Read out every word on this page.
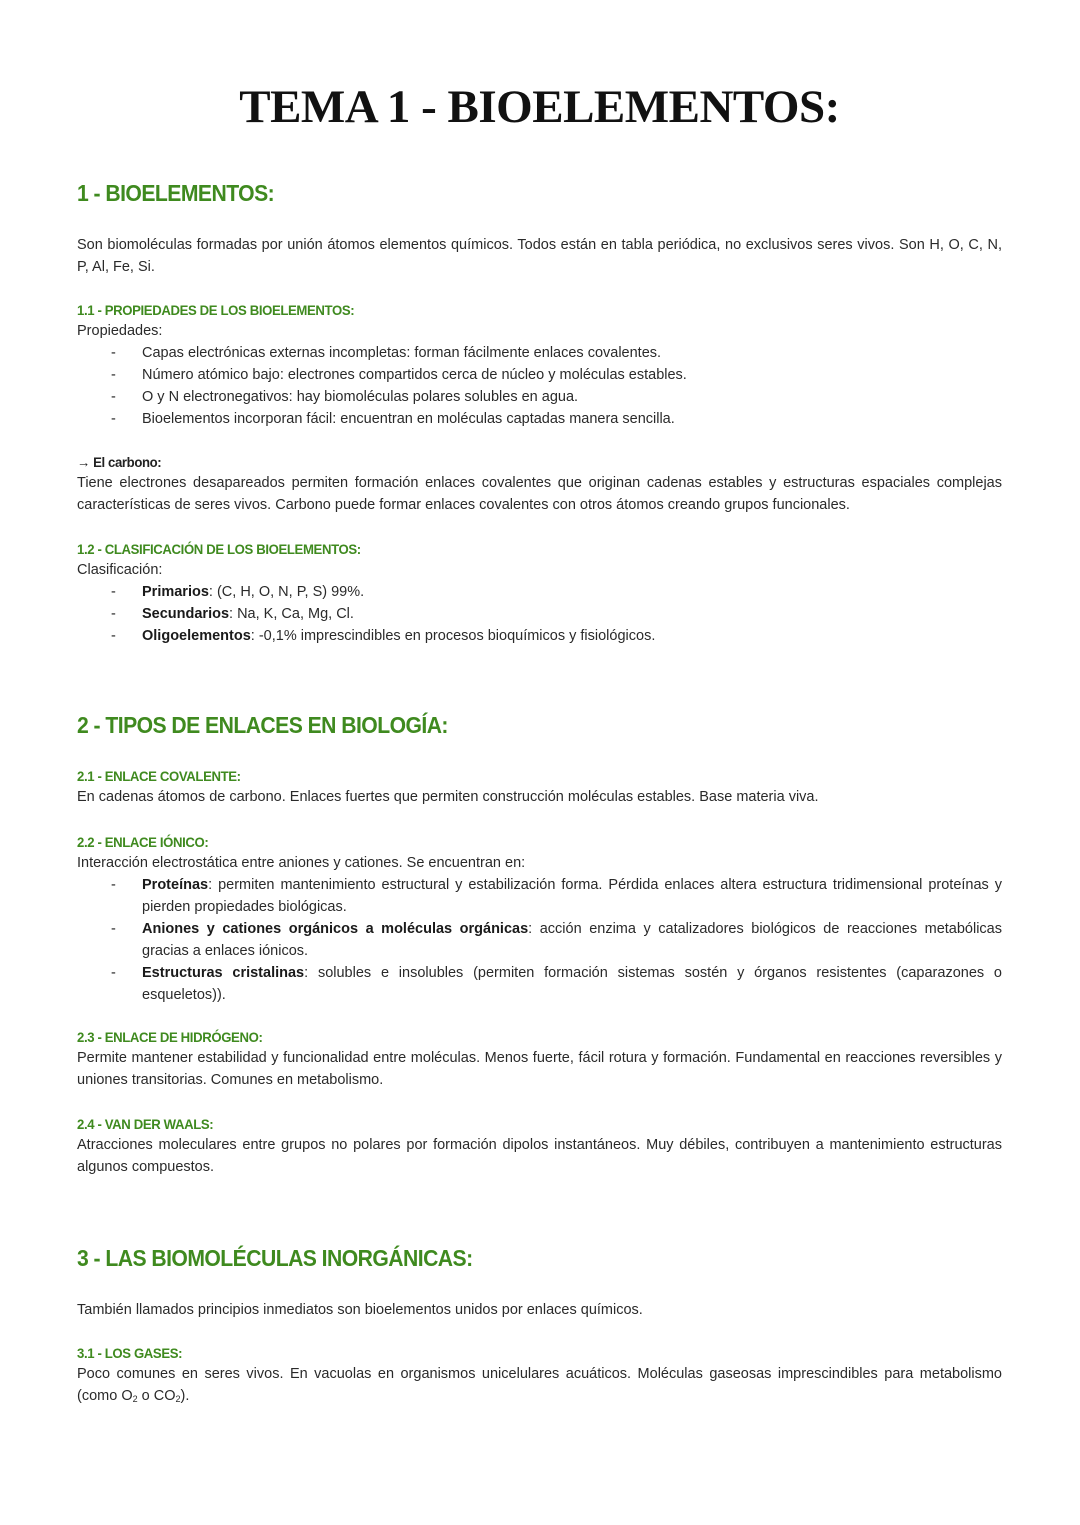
TEMA 1 - BIOELEMENTOS:
1 - BIOELEMENTOS:

Son biomoléculas formadas por unión átomos elementos químicos. Todos están en tabla periódica, no exclusivos seres vivos. Son H, O, C, N, P, Al, Fe, Si.

1.1 - PROPIEDADES DE LOS BIOELEMENTOS:

Propiedades:

- Capas electrónicas externas incompletas: forman fácilmente enlaces covalentes.
- Número atómico bajo: electrones compartidos cerca de núcleo y moléculas estables.
- O y N electronegativos: hay biomoléculas polares solubles en agua.
- Bioelementos incorporan fácil: encuentran en moléculas captadas manera sencilla.
→ El carbono:

Tiene electrones desapareados permiten formación enlaces covalentes que originan cadenas estables y estructuras espaciales complejas características de seres vivos. Carbono puede formar enlaces covalentes con otros átomos creando grupos funcionales.

1.2 - CLASIFICACIÓN DE LOS BIOELEMENTOS:

Clasificación:

- Primarios: (C, H, O, N, P, S) 99%.
- Secundarios: Na, K, Ca, Mg, Cl.
- Oligoelementos: -0,1% imprescindibles en procesos bioquímicos y fisiológicos.
2 - TIPOS DE ENLACES EN BIOLOGÍA:
2.1 - ENLACE COVALENTE:

En cadenas átomos de carbono. Enlaces fuertes que permiten construcción moléculas estables. Base materia viva.

2.2 - ENLACE IÓNICO:

Interacción electrostática entre aniones y cationes. Se encuentran en:

- Proteínas: permiten mantenimiento estructural y estabilización forma. Pérdida enlaces altera estructura tridimensional proteínas y pierden propiedades biológicas.
- Aniones y cationes orgánicos a moléculas orgánicas: acción enzima y catalizadores biológicos de reacciones metabólicas gracias a enlaces iónicos.
- Estructuras cristalinas: solubles e insolubles (permiten formación sistemas sostén y órganos resistentes (caparazones o esqueletos)).
2.3 - ENLACE DE HIDRÓGENO:

Permite mantener estabilidad y funcionalidad entre moléculas. Menos fuerte, fácil rotura y formación. Fundamental en reacciones reversibles y uniones transitorias. Comunes en metabolismo.

2.4 - VAN DER WAALS:

Atracciones moleculares entre grupos no polares por formación dipolos instantáneos. Muy débiles, contribuyen a mantenimiento estructuras algunos compuestos.

3 - LAS BIOMOLÉCULAS INORGÁNICAS:

También llamados principios inmediatos son bioelementos unidos por enlaces químicos.

3.1 - LOS GASES:

Poco comunes en seres vivos. En vacuolas en organismos unicelulares acuáticos. Moléculas gaseosas imprescindibles para metabolismo (como $O_2$ o $CO_2$).
